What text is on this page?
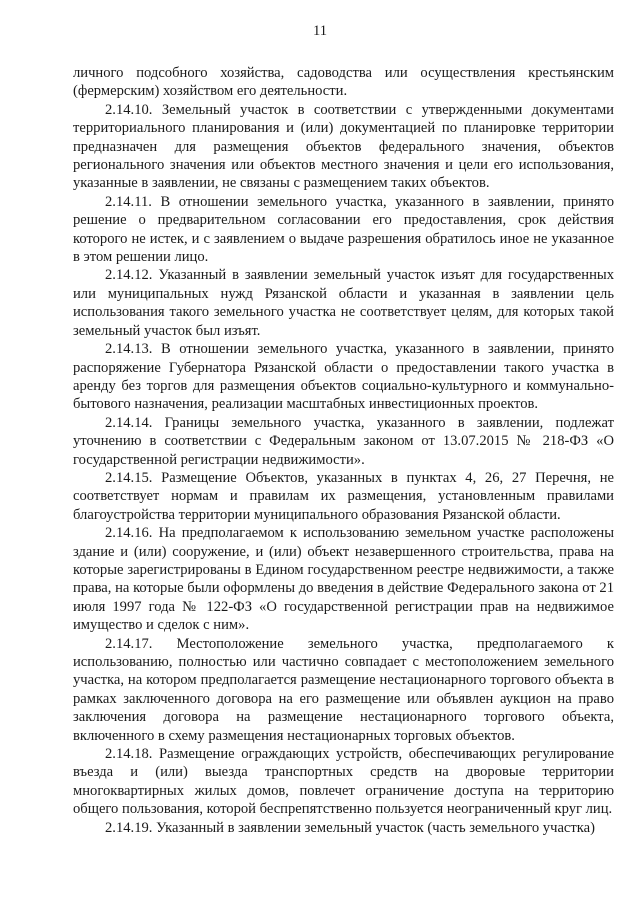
11

личного подсобного хозяйства, садоводства или осуществления крестьянским (фермерским) хозяйством его деятельности.

2.14.10. Земельный участок в соответствии с утвержденными документами территориального планирования и (или) документацией по планировке территории предназначен для размещения объектов федерального значения, объектов регионального значения или объектов местного значения и цели его использования, указанные в заявлении, не связаны с размещением таких объектов.

2.14.11. В отношении земельного участка, указанного в заявлении, принято решение о предварительном согласовании его предоставления, срок действия которого не истек, и с заявлением о выдаче разрешения обратилось иное не указанное в этом решении лицо.

2.14.12. Указанный в заявлении земельный участок изъят для государственных или муниципальных нужд Рязанской области и указанная в заявлении цель использования такого земельного участка не соответствует целям, для которых такой земельный участок был изъят.

2.14.13. В отношении земельного участка, указанного в заявлении, принято распоряжение Губернатора Рязанской области о предоставлении такого участка в аренду без торгов для размещения объектов социально-культурного и коммунально-бытового назначения, реализации масштабных инвестиционных проектов.

2.14.14. Границы земельного участка, указанного в заявлении, подлежат уточнению в соответствии с Федеральным законом от 13.07.2015 № 218-ФЗ «О государственной регистрации недвижимости».

2.14.15. Размещение Объектов, указанных в пунктах 4, 26, 27 Перечня, не соответствует нормам и правилам их размещения, установленным правилами благоустройства территории муниципального образования Рязанской области.

2.14.16. На предполагаемом к использованию земельном участке расположены здание и (или) сооружение, и (или) объект незавершенного строительства, права на которые зарегистрированы в Едином государственном реестре недвижимости, а также права, на которые были оформлены до введения в действие Федерального закона от 21 июля 1997 года № 122-ФЗ «О государственной регистрации прав на недвижимое имущество и сделок с ним».

2.14.17. Местоположение земельного участка, предполагаемого к использованию, полностью или частично совпадает с местоположением земельного участка, на котором предполагается размещение нестационарного торгового объекта в рамках заключенного договора на его размещение или объявлен аукцион на право заключения договора на размещение нестационарного торгового объекта, включенного в схему размещения нестационарных торговых объектов.

2.14.18. Размещение ограждающих устройств, обеспечивающих регулирование въезда и (или) выезда транспортных средств на дворовые территории многоквартирных жилых домов, повлечет ограничение доступа на территорию общего пользования, которой беспрепятственно пользуется неограниченный круг лиц.

2.14.19. Указанный в заявлении земельный участок (часть земельного участка)
